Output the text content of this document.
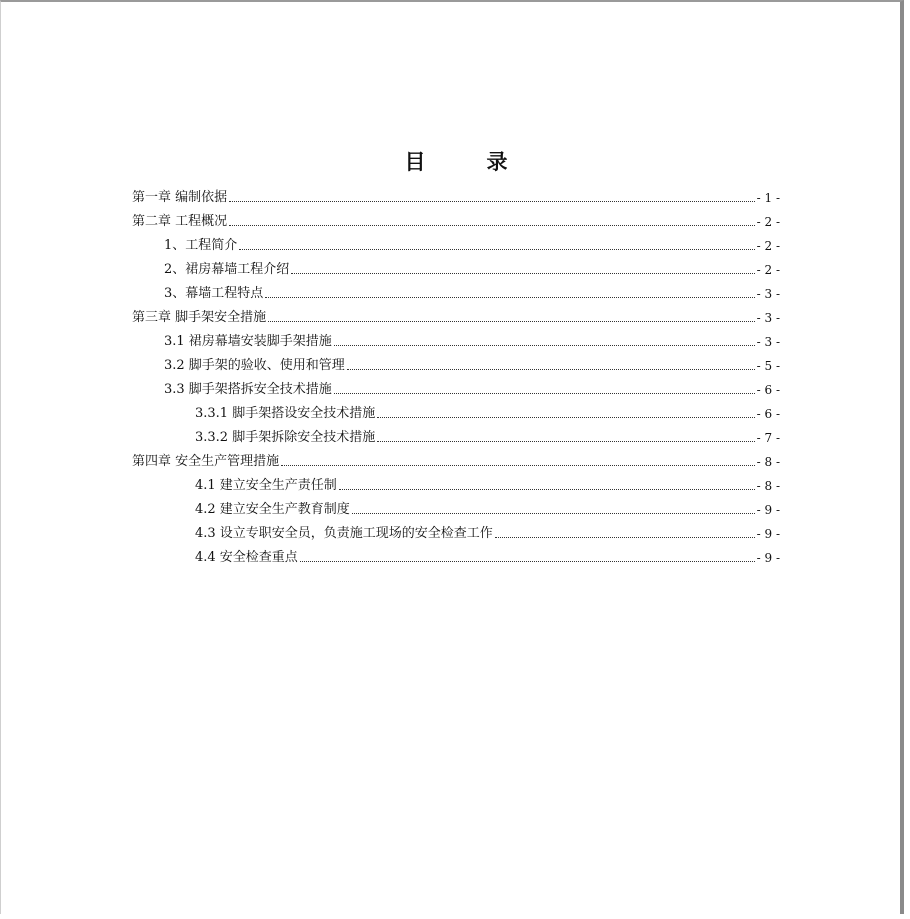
目　录
第一章 编制依据	- 1 -
第二章 工程概况	- 2 -
1、工程简介	- 2 -
2、裙房幕墙工程介绍	- 2 -
3、幕墙工程特点	- 3 -
第三章 脚手架安全措施	- 3 -
3.1 裙房幕墙安装脚手架措施	- 3 -
3.2 脚手架的验收、使用和管理	- 5 -
3.3 脚手架搭拆安全技术措施	- 6 -
3.3.1 脚手架搭设安全技术措施	- 6 -
3.3.2 脚手架拆除安全技术措施	- 7 -
第四章 安全生产管理措施	- 8 -
4.1 建立安全生产责任制	- 8 -
4.2 建立安全生产教育制度	- 9 -
4.3 设立专职安全员，负责施工现场的安全检查工作	- 9 -
4.4 安全检查重点	- 9 -
